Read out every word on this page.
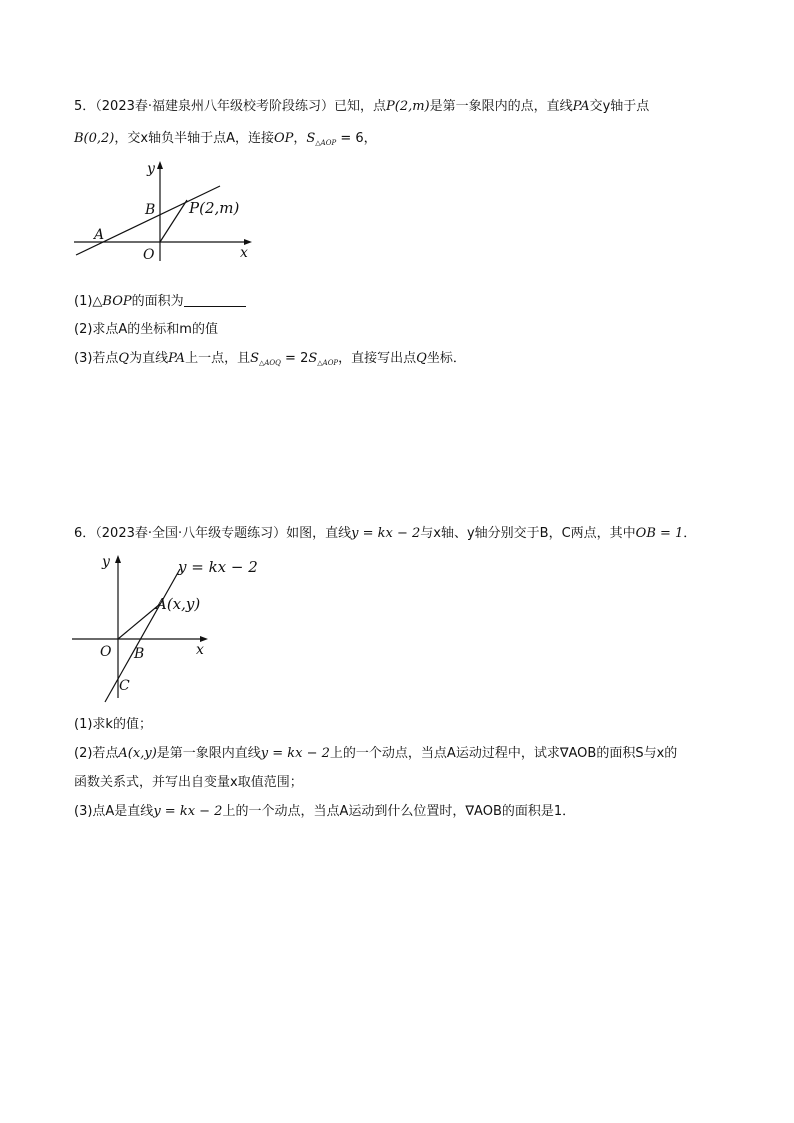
5．（2023春·福建泉州八年级校考阶段练习）已知，点P(2,m)是第一象限内的点，直线PA交y轴于点
B(0,2)，交x轴负半轴于点A，连接OP，$S_{\triangle AOP} = 6$，
y
x
O
A
B P(2,m)
(1)△BOP的面积为
(2)求点A的坐标和m的值
(3)若点Q为直线PA上一点，且$S_{\triangle AOQ} = 2S_{\triangle AOP}$，直接写出点Q坐标．
6．（2023春·全国·八年级专题练习）如图，直线y = kx − 2与x轴、y轴分别交于B，C两点，其中OB = 1．
y
x
O B
C
A(x,y)
y = kx − 2
(1)求k的值；
(2)若点A(x,y)是第一象限内直线y = kx − 2上的一个动点，当点A运动过程中，试求∇AOB的面积S与x的
函数关系式，并写出自变量x取值范围；
(3)点A是直线y = kx − 2上的一个动点，当点A运动到什么位置时，∇AOB的面积是1．
